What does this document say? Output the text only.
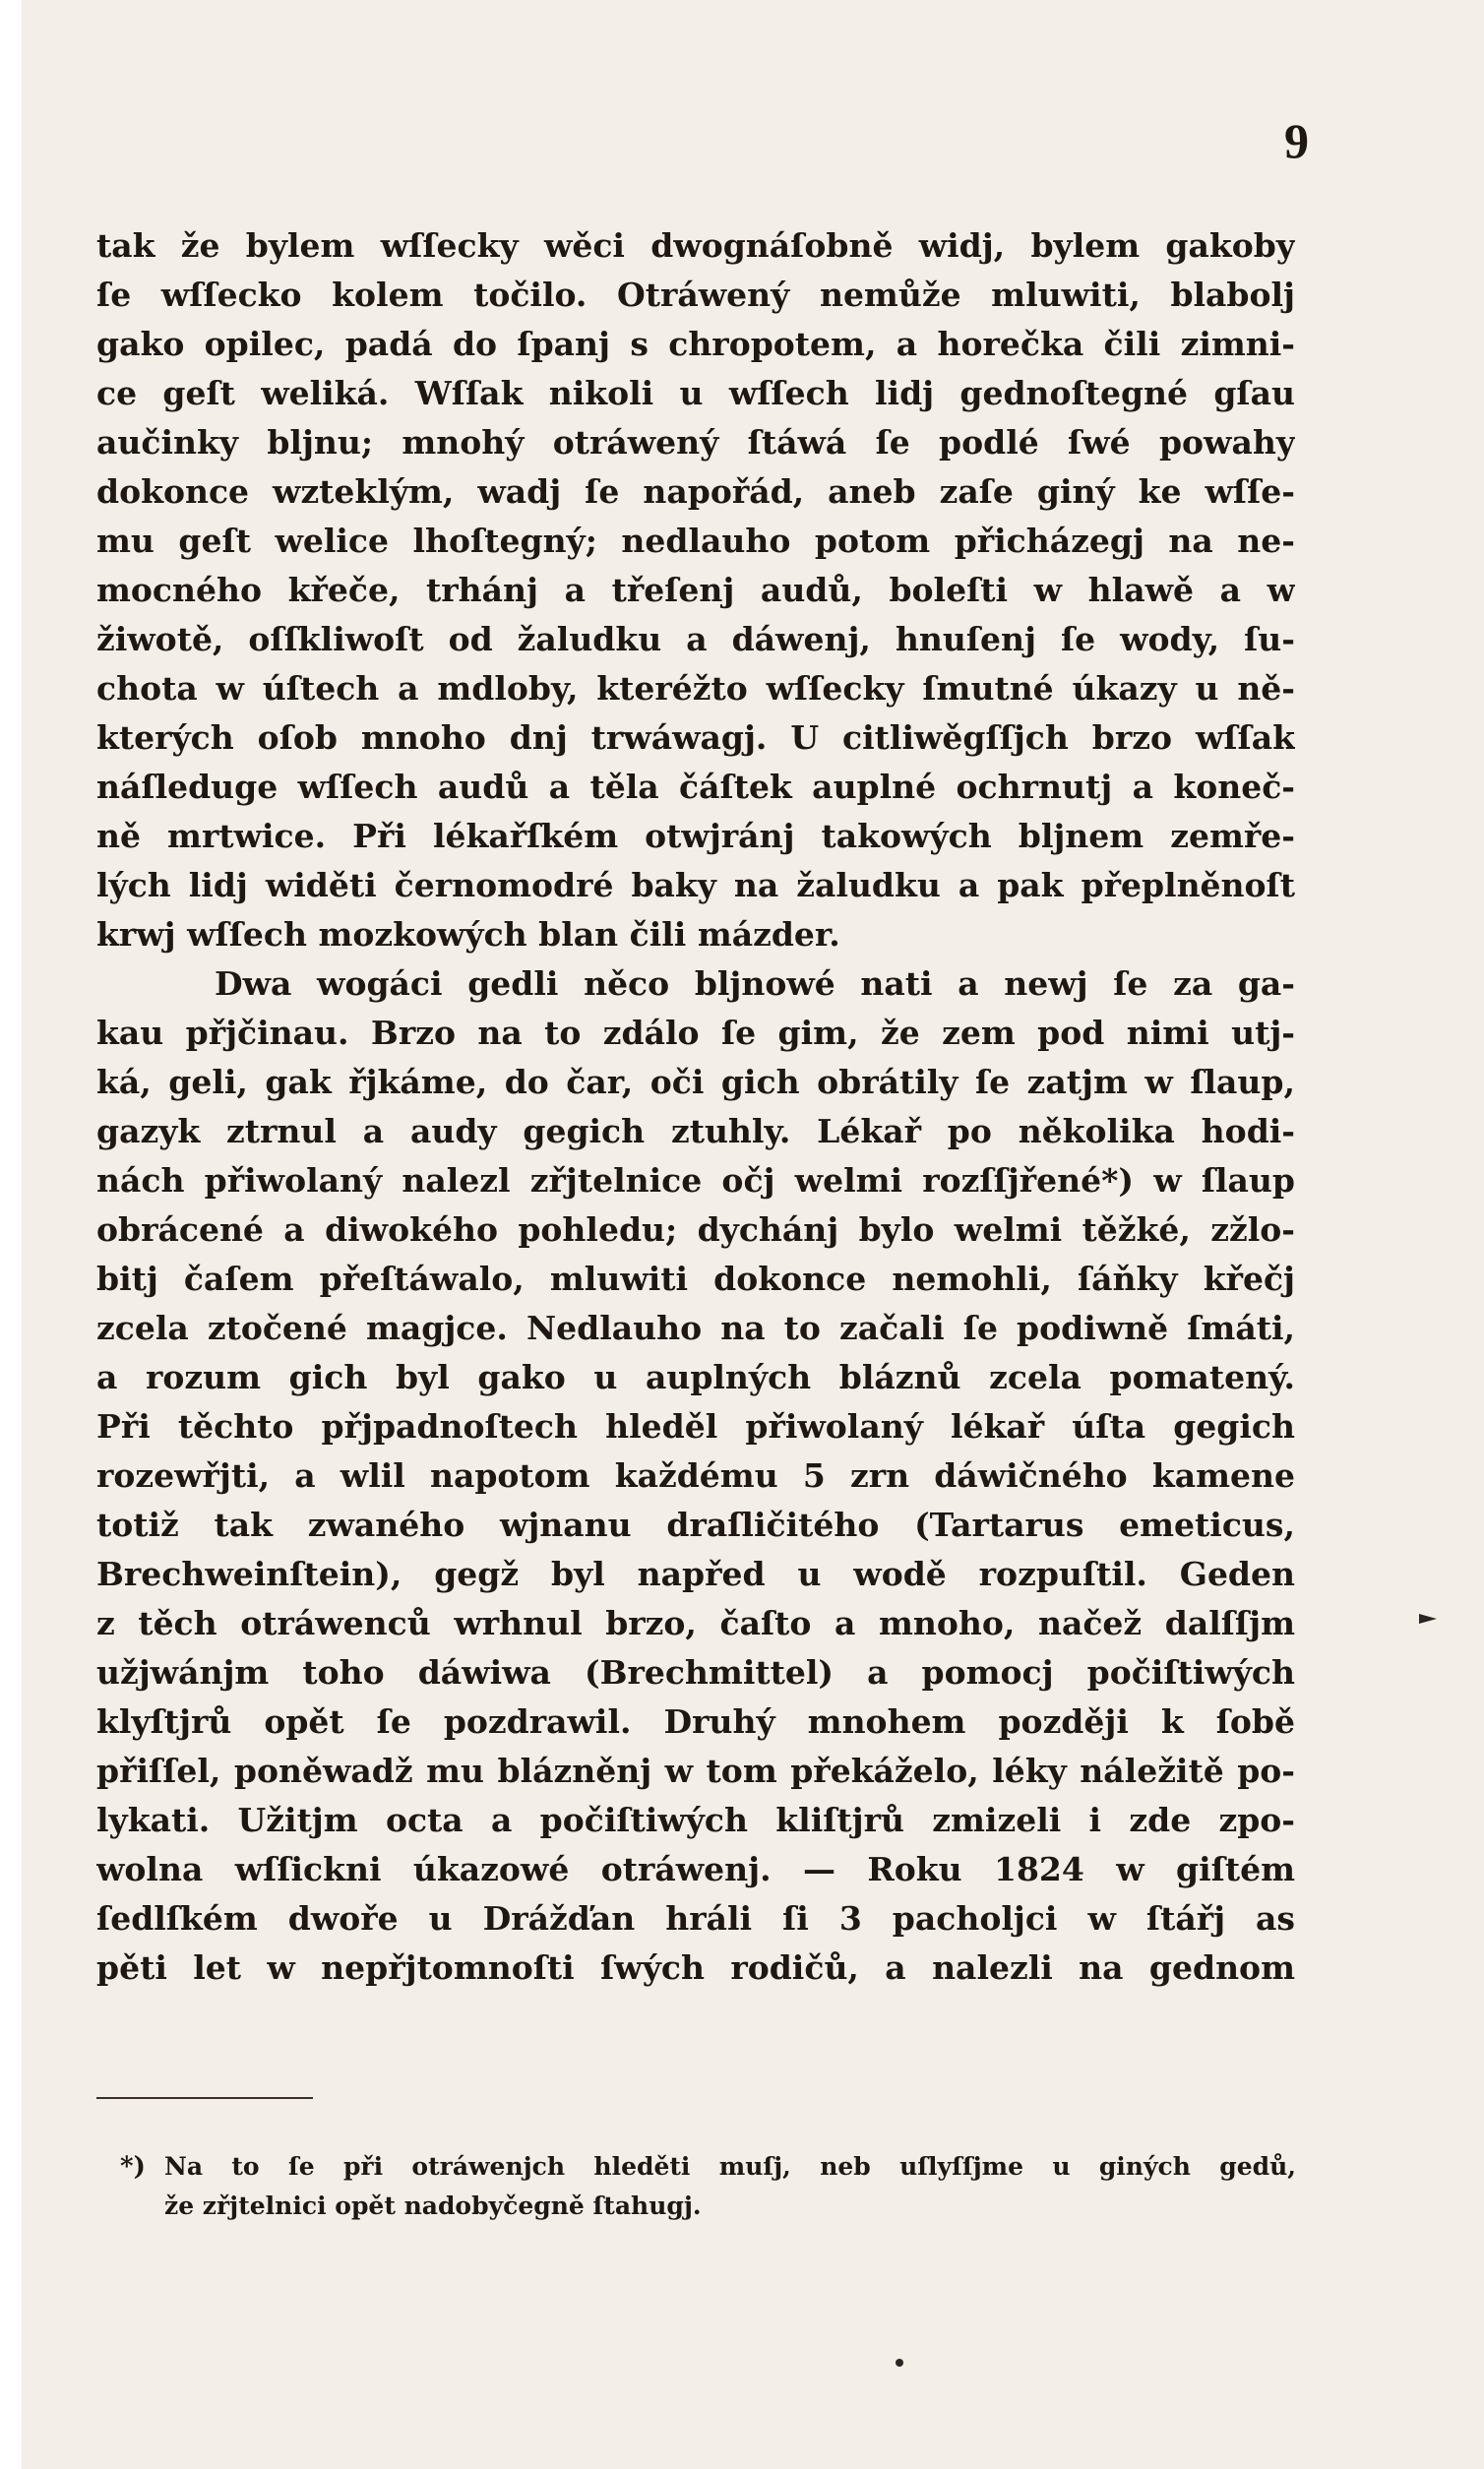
9
tak že bylem wſſecky wěci dwognáſobně widj, bylem gakoby
ſe wſſecko kolem točilo. Otráwený nemůže mluwiti, blabolj
gako opilec, padá do ſpanj s chropotem, a horečka čili zimni-
ce geſt weliká. Wſſak nikoli u wſſech lidj gednoſtegné gſau
aučinky bljnu; mnohý otráwený ſtáwá ſe podlé ſwé powahy
dokonce wzteklým, wadj ſe napořád, aneb zaſe giný ke wſſe-
mu geſt welice lhoſtegný; nedlauho potom přicházegj na ne-
mocného křeče, trhánj a třeſenj audů, boleſti w hlawě a w
žiwotě, oſſkliwoſt od žaludku a dáwenj, hnuſenj ſe wody, ſu-
chota w úſtech a mdloby, kteréžto wſſecky ſmutné úkazy u ně-
kterých oſob mnoho dnj trwáwagj. U citliwěgſſjch brzo wſſak
náſledugе wſſech audů a těla čáſtek auplné ochrnutj a koneč-
ně mrtwice. Při lékařſkém otwjránj takowých blјnem zemře-
lých lidj widěti černomodré baky na žaludku a pak přeplněnoſt
krwj wſſech mozkowých blan čili mázder.
Dwa wogáci gedli něco blјnowé nati a newj ſe za ga-
kau přjčinau. Brzo na to zdálo ſe gim, že zem pod nimi utj-
ká, geli, gak řjkáme, do čar, oči gich obrátily ſe zatjm w ſlaup,
gazyk ztrnul a audy gegich ztuhly. Lékař po několika hodi-
nách přiwolaný nalezl zřjtelnice očj welmi rozſſjřené*) w ſlaup
obrácené a diwokého pohledu; dychánj bylo welmi těžké, zžlo-
bitj čaſem přeſtáwalo, mluwiti dokonce nemohli, ſáňky křečj
zcela ztočené magjce. Nedlauho na to začali ſe podiwně ſmáti,
a rozum gich byl gako u auplných bláznů zcela pomatený.
Při těchto přjpadnoſtech hleděl přiwolaný lékař úſta gegich
rozewřjti, a wlil napotom každému 5 zrn dáwičného kamene
totiž tak zwaného wjnanu draſličitého (Tartarus emeticus,
Brechweinſtein), gegž byl napřed u wodě rozpuſtil. Geden
z těch otráwenců wrhnul brzo, čaſto a mnoho, načež dalſſjm
užjwánjm toho dáwiwa (Brechmittel) a pomocj počiſtiwých
klyſtjrů opět ſe pozdrawil. Druhý mnohem později k ſobě
přiſſel, poněwadž mu blázněnj w tom překáželo, léky náležitě po-
lykati. Užitjm octa a počiſtiwých kliſtjrů zmizeli i zde zpo-
wolna wſſickni úkazowé otráwenj. — Roku 1824 w giſtém
ſedlſkém dwoře u Drážďan hráli ſi 3 pacholjci w ſtářj as
pěti let w nepřjtomnoſti ſwých rodičů, a nalezli na gednom
*) Na to ſe při otráwenjch hleděti muſj, neb uſlyſſjme u giných gedů,
že zřjtelnici opět nadobyčegně ſtahugj.
